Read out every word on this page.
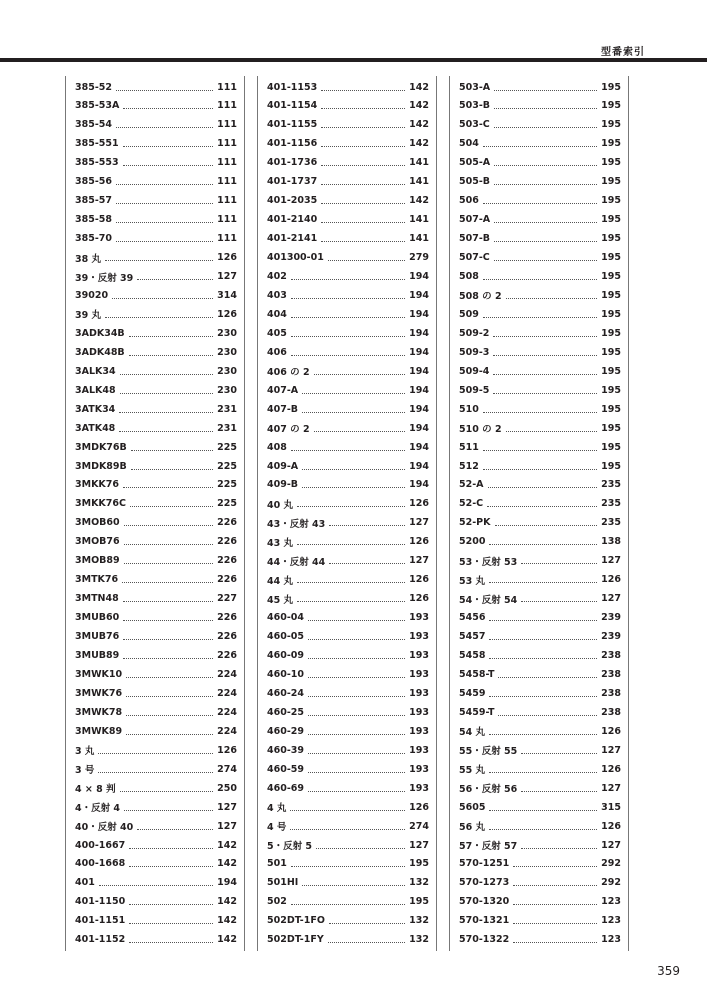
型番索引
385-52	111
385-53A	111
385-54	111
385-551	111
385-553	111
385-56	111
385-57	111
385-58	111
385-70	111
38 丸	126
39・反射 39	127
39020	314
39 丸	126
3ADK34B	230
3ADK48B	230
3ALK34	230
3ALK48	230
3ATK34	231
3ATK48	231
3MDK76B	225
3MDK89B	225
3MKK76	225
3MKK76C	225
3MOB60	226
3MOB76	226
3MOB89	226
3MTK76	226
3MTN48	227
3MUB60	226
3MUB76	226
3MUB89	226
3MWK10	224
3MWK76	224
3MWK78	224
3MWK89	224
3 丸	126
3 号	274
4 × 8 判	250
4・反射 4	127
40・反射 40	127
400-1667	142
400-1668	142
401	194
401-1150	142
401-1151	142
401-1152	142
401-1153	142
401-1154	142
401-1155	142
401-1156	142
401-1736	141
401-1737	141
401-2035	142
401-2140	141
401-2141	141
401300-01	279
402	194
403	194
404	194
405	194
406	194
406 の 2	194
407-A	194
407-B	194
407 の 2	194
408	194
409-A	194
409-B	194
40 丸	126
43・反射 43	127
43 丸	126
44・反射 44	127
44 丸	126
45 丸	126
460-04	193
460-05	193
460-09	193
460-10	193
460-24	193
460-25	193
460-29	193
460-39	193
460-59	193
460-69	193
4 丸	126
4 号	274
5・反射 5	127
501	195
501HI	132
502	195
502DT-1FO	132
502DT-1FY	132
503-A	195
503-B	195
503-C	195
504	195
505-A	195
505-B	195
506	195
507-A	195
507-B	195
507-C	195
508	195
508 の 2	195
509	195
509-2	195
509-3	195
509-4	195
509-5	195
510	195
510 の 2	195
511	195
512	195
52-A	235
52-C	235
52-PK	235
5200	138
53・反射 53	127
53 丸	126
54・反射 54	127
5456	239
5457	239
5458	238
5458-T	238
5459	238
5459-T	238
54 丸	126
55・反射 55	127
55 丸	126
56・反射 56	127
5605	315
56 丸	126
57・反射 57	127
570-1251	292
570-1273	292
570-1320	123
570-1321	123
570-1322	123
359
